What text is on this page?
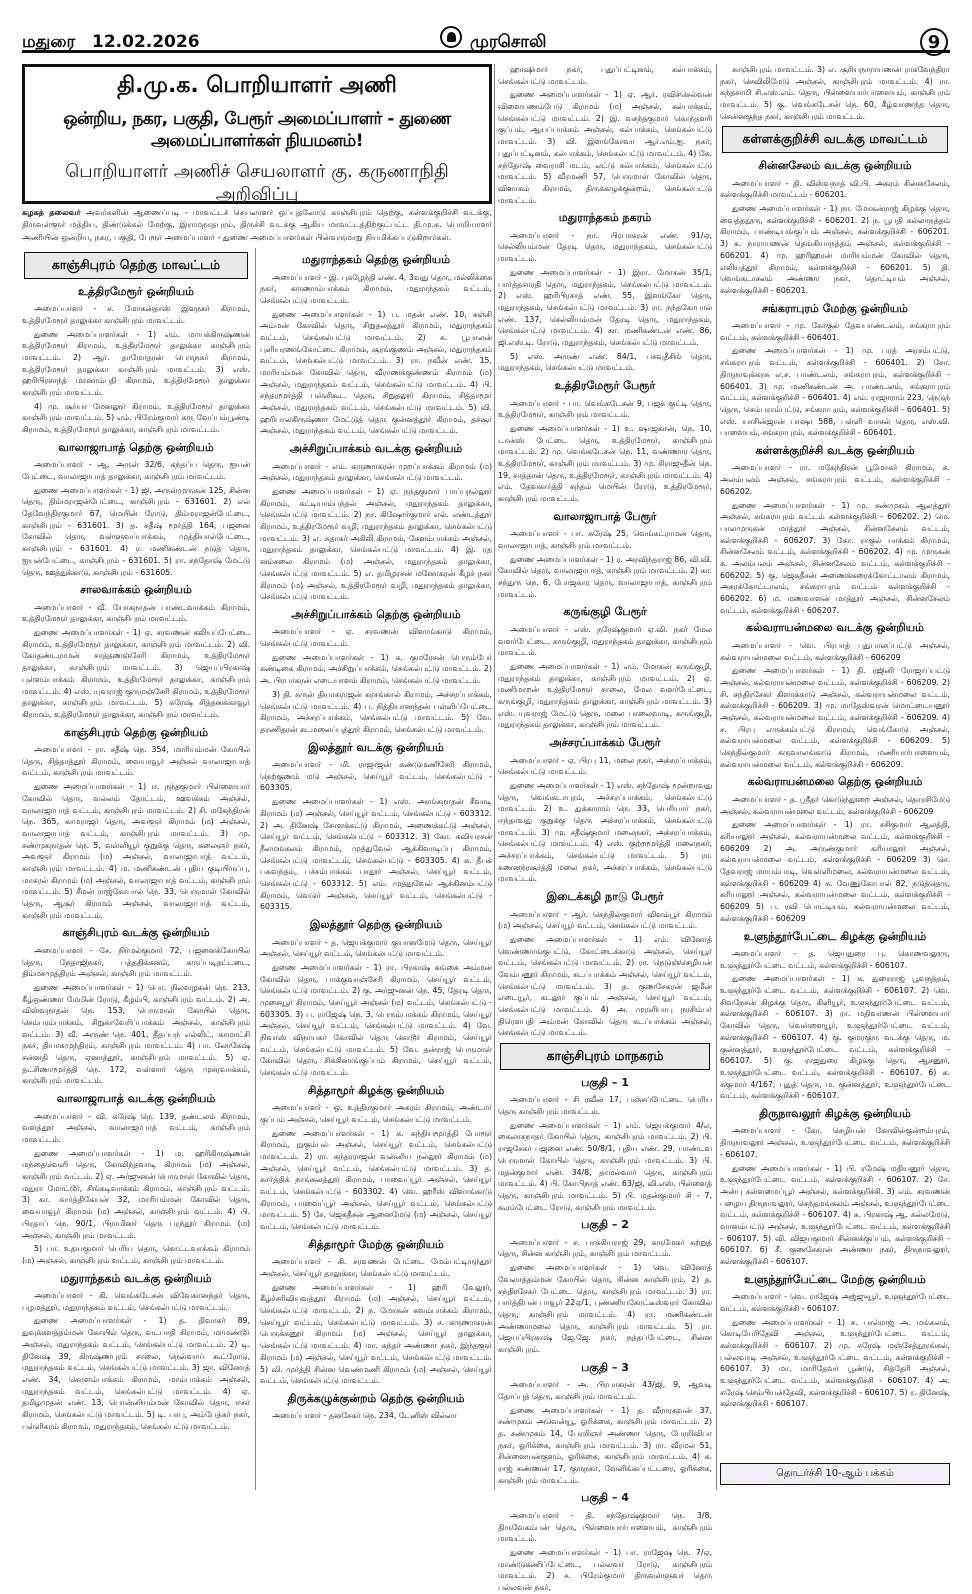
மதுரை 12.02.2026	முரசொலி	9
தி.மு.க. பொறியாளர் அணி
ஒன்றிய, நகர, பகுதி, பேரூர் அமைப்பாளர் - துணை அமைப்பாளர்கள் நியமனம்!
பொறியாளர் அணிச் செயலாளர் கு. கருணாநிதி அறிவிப்பு
கழகத் தலைவர் அவர்களின் ஆணைப்படி - மாவட்டச் செயலாளர் ஒப்புதலோடு காஞ்சிபுரம் தெற்கு, கள்ளக்குறிச்சி வடக்கு, திருவள்ளூர் மத்திய, திண்டுக்கல் மேற்கு, இராமநாதபுரம், திருச்சி வடக்கு ஆகிய மாவட்டத்திற்குட்பட்ட தி.மு.க. பொறியாளர் அணியின் ஒன்றிய, நகர, பகுதி, பேரூர் அமைப்பாளர் - துணை அமைப்பாளர்கள் பின்வருமாறு நியமிக்கப்படுகிறார்கள்.
காஞ்சிபுரம் தெற்கு மாவட்டம்
உத்திரமேரூர் ஒன்றியம்

அமைப்பாளர் - ச. மோகன்தாஸ் இளநகர் கிராமம், உத்திரமேரூர் தாலுக்கா காஞ்சிபுரம் மாவட்டம்.

துணை அமைப்பாளர்கள் - 1) எம். மாயக்கிருஷ்ணன் உத்திரமேரூர் கிராமம், உத்திரமேரூர் தாலுக்கா காஞ்சிபுரம் மாவட்டம். 2) ஆர். தாமோதரன் பெருநகர் கிராமம், உத்திரமேரூர் தாலுக்கா காஞ்சிபுரம் மாவட்டம். 3) எஸ். ஹரிபிரசாந்த் மானாம்பதி கிராமம், உத்திரமேரூர் தாலுக்கா காஞ்சிபுரம் மாவட்டம்.

4) மு. சூர்யா மேனலூர் கிராமம், உத்திரமேரூர் தாலுக்கா காஞ்சிபுரம் மாவட்டம். 5) எம். பிரேம்குமார் கரு வேப்பம்பூண்டி கிராமம், உத்திரமேரூர் தாலுக்கா, காஞ்சிபுரம் மாவட்டம்.

வாலாஜாபாத் தெற்கு ஒன்றியம்

அமைப்பாளர் - ஆ. அருள் 32/6, கந்தப்ப தெரு, ஐயன் பேட்டை, வாலாஜாபாத் தாலுக்கா, காஞ்சிபுரம் மாவட்டம்.

துணை அமைப்பாளர்கள் - 1) ஜி. அருள்முருகன் 125, சின்ன தெரு, திம்மராஜன்பேட்டை, காஞ்சிபுரம் - 631601. 2) எல் தேவேந்திரகுமார் 67, மெயின் ரோடு, திம்மராஜன்பேட்டை, காஞ்சிபுரம் - 631601. 3) த. சதீஷ் மூர்த்தி 164, பஜனை கோவில் தெரு, வள்ளுவப்பாக்கம், முத்தியால்பேட்டை, காஞ்சிபுரம் - 631601. 4) ர. மணிகண்டன் நடுத் தெரு, ஐயன்பேட்டை, காஞ்சிபுரம் - 631601. 5) ரா. சந்தோஷ் மேட்டு தெரு, ஊத்துக்காடு, காஞ்சிபுரம் - 631605.

சாலவாக்கம் ஒன்றியம்

அமைப்பாளர் - வீ. யோகநாதன் பாண்டவாக்கம் கிராமம், உத்திரமேரூர் தாலுக்கா, காஞ்சிபுரம் மாவட்டம்.

துணை அமைப்பாளர்கள் - 1) ஏ. சரவணன் கலியப்பேட்டை கிராமம், உத்திரமேரூர் தாலுக்கா, காஞ்சிபுரம் மாவட்டம். 2) வி. கோதண்டராமன் சாத்தணஞ்சேரி கிராமம், உத்திரமேரூர் தாலுக்கா, காஞ்சிபுரம் மாவட்டம். 3) ஜெயப்பிரகாஷ் புள்ளம்பாக்கம் கிராமம், உத்திரமேரூர் தாலுக்கா, காஞ்சிபுரம் மாவட்டம். 4) எஸ். யுவராஜ் குருமஞ்சேரி கிராமம், உத்திரமேரூர் தாலுக்கா, காஞ்சிபுரம் மாவட்டம். 5) சுரேஷ் சித்தனக்காவூர் கிராமம், உத்திரமேரூர் தாலுக்கா, காஞ்சிபுரம் மாவட்டம்.

காஞ்சிபுரம் தெற்கு ஒன்றியம்

அமைப்பாளர் - ரா. சதீஷ் நெ. 354, மாரியம்மன் கோயில் தெரு, சித்தாத்தூர் கிராமம், வையாவூர் அஞ்சல் வாலாஜாபாத் வட்டம், காஞ்சிபுரம் மாவட்டம்.

துணை அமைப்பாளர்கள் - 1) ஈ. நந்தகுமார் பிள்ளையார் கோவில் தெரு, வல்லம் தோட்டம், ஊவக்கம் அஞ்சல், வாலாஜாபாத் வட்டம், காஞ்சிபுரம் மாவட்டம். 2) சி. மகேந்திரன் நெ. 365, காமராஜர் தெரு, அவளூர் கிராமம் (ம) அஞ்சல், வாலாஜாபாத் வட்டம், காஞ்சிபுரம் மாவட்டம். 3) மு. சண்முகநாதன் நெ. 5, வள்ளியூர் குறுக்கு தெரு, கலைஞர் நகர், அவளூர் கிராமம் (ம) அஞ்சல், வாலாஜாபாத் வட்டம், காஞ்சிபுரம் மாவட்டம். 4) ம. மணிகண்டன் புதிய குடியிருப்பு, மாகரல் கிராமம் (ம) அஞ்சல், வாலாஜாபாத் வட்டம், காஞ்சிபுரம் மாவட்டம். 5) சீமன் ராஜ்கோபால் நெ. 33, பெருமாள் கோவில் தெரு, ஆசூர் கிராமம் அஞ்சல், வாலாஜாபாத் வட்டம், காஞ்சிபுரம் மாவட்டம்.

காஞ்சிபுரம் வடக்கு ஒன்றியம்

அமைப்பாளர் - சே. நிர்மல்குமார் 72, பஜனைக்கோயில் தெரு, நேதாஜிநகர், பத்ததிக்கனம், கருப்படிதட்டடை, திம்மசமுத்திரம் அஞ்சல், காஞ்சிபுரம் மாவட்டம்.

துணை அமைப்பாளர்கள் - 1) பொ. நிலவழகன் நெ. 213, கீழ்ஒண்ணா மேமின் ரோடு, கீழம்பி, காஞ்சிபுரம் வட்டம். 2) அ. விஸ்வநாதன் நெ. 153, பெருமாள் கோயில் தெரு, செம்பரம்பாக்கம், சிறுகாவேரிப்பாக்கம் அஞ்சல், காஞ்சிபுரம் வட்டம். 3) வீ. அருண் நெ. 401, தீதப்பந் எல்லிட், காமாட்சி நகர், தியாகமுந்திரம், காஞ்சிபுரம் மாவட்டம். 4) பா. லோகேஷ் சன்னதி தெரு, ஏனாத்தூர், காஞ்சிபுரம் மாவட்டம். 5) ஏ. தட்சிணாமூர்த்தி நெ. 172, வள்ளார் தெரு முசரவாக்கம், காஞ்சிபுரம் மாவட்டம்.

வாலாஜாபாத் வடக்கு ஒன்றியம்

அமைப்பாளர் - வி. சுரேஷ் நெ. 139, தண்டலம் கிராமம், வளத்தூர் அஞ்சல், வாலாஜாபாத் வட்டம், காஞ்சிபுரம் மாவட்டம்.

துணை அமைப்பாளர்கள் - 1) ம. ஹரிகிருஷ்ணன் மந்தைவெளி தெரு, கோவிந்தவாடி கிராமம் (ம) அஞ்சல், காஞ்சிபுரம் வட்டம். 2) ஏ. அர்ஜுனன் பெருமாள் கோவில் தெரு, மதுரா மோட்டூர், சிங்கடிவாக்கம் கிராமம், காஞ்சிபுரம் வட்டம். 3) கா. கார்த்திகேயன் 32, மாரியம்மன் கோவில் தெரு, வையாவூர் கிராமம் (ம) அஞ்சல், காஞ்சிபுரம் வட்டம். 4) பி. பிரதாப் நெ. 90/1, பிராமினர் தெரு பரந்தூர் கிராமம் (ம) அஞ்சல், காஞ்சிபுரம் மாவட்டம்.

5) பா. உதயகுமார் பெரிய தெரு, கொட்டவாக்கம் கிராமம் (ம) அஞ்சல், காஞ்சிபுரம் வட்டம், காஞ்சிபுரம் மாவட்டம்.

மதுராந்தகம் வடக்கு ஒன்றியம்

அமைப்பாளர் - கி. வெங்கடேசன் விவேகானந்தர் தெரு, பழமத்தூர், மதுராந்தகம் வட்டம், செங்கல்பட்டு மாவட்டம்.

துணை அமைப்பாளர்கள் - 1) த. திவாகர் 89, துவுக்களத்தம்மன் கோயில் தெரு, வடபாதி கிராமம், மாமண்டூர் அஞ்சல், மதுராந்தகம் வட்டம், செங்கல்பட்டு மாவட்டம். 2) டி. தினேஷ் 39, கிருஷ்ணபுரம் சாலை, நெல்வாய் கூட்ரோடு, மதுராந்தகம் வட்டம், செங்கல்பட்டு மாவட்டம். 3) ஜா. வினோத் எண். 34, கொளம்பாக்கம் கிராமம், மாம்பாக்கம் அஞ்சல், மதுராந்தகம் வட்டம், செங்கல்பட்டு மாவட்டம். 4) ஏ. தமிழ்முதன் எண். 13, பொன்னியம்மன் கோவில் தெரு, ஈசுர் கிராமம், செங்கல்பட்டு மாவட்டம். 5) டி. பாபு, அம்பேத்கர் நகர், பள்ளிகரம் கிராமம், மதுராந்தகம், செங்கல்பட்டு மாவட்டம்.

மதுராந்தகம் தெற்கு ஒன்றியம்

அமைப்பாளர் - இ. புகழேந்தி எண். 4, 3வது தெரு, மல்லிக்கை நகர், கருணாம்பாக்கம் கிராமம், மதுராந்தகம் வட்டம், செங்கல்பட்டு மாவட்டம்.

துணை அமைப்பாளர்கள் - 1) ப. மதன் எண். 10, கஞ்சி அம்மன் கோவில் தெரு, சிறுதலத்தூர் கிராமம், மதுராந்தகம் வட்டம், செங்கல்பட்டு மாவட்டம். 2) க. பூபாலன் புளியரணங்கோட்டை கிராமம், சூரங்குணம் அஞ்சல், மதுராந்தகம் வட்டம், செங்கல்பட்டு மாவட்டம். 3) ரா. நவீன் எண். 15, மாரியம்மன் கோவில் தெரு, வீராணக்குண்ணம் கிராமம் (ம) அஞ்சல், மதுராந்தகம் வட்டம், செங்கல்பட்டு மாவட்டம். 4) பி. சந்தரமூர்த்தி பள்ளிகூட தெரு, சிறுதலூர் கிராமம், சித்தாமூர் அஞ்சல், மதுராந்தகம் வட்டம், செங்கல்பட்டு மாவட்டம். 5) வி. ஹரிபாலகிருஷ்ணா மேட்டுத் தெரு குன்னத்தூர் கிராமம், தச்சூர் அஞ்சல், மதுராந்தகம் வட்டம், செங்கல்பட்டு மாவட்டம்.

அச்சிறுப்பாக்கம் வடக்கு ஒன்றியம்

அமைப்பாளர் - எம். கருணாகரன் முறப்பாக்கம் கிராமம் (ம) அஞ்சல், மதுராந்தகம் தாலுக்கா, செங்கல்பட்டு மாவட்டம்.

துணை அமைப்பாளர்கள் - 1) ஏ. நந்தகுமார் பாப்பநல்லூர் கிராமம், கட்டியாம்பந்தல் அஞ்சல், மதுராந்தகம் தாலுக்கா, செங்கல்பட்டு மாவட்டம். 2) நா. கிஷோர்குமார் எல். எண்டத்தூர் கிராமம், உத்திரமேரூர் வழி, மதுராந்தகம் தாலுக்கா, செங்கல்பட்டு மாவட்டம். 3) எ. சுதாகர் அகிலி கிராமம், கேளம்பாக்கம் அஞ்சல், மதுராந்தகம் தாலுக்கா, செங்கல்பட்டு மாவட்டம். 4) இ. ரத னம்சலை கிராமம் (ம) அஞ்சல், மதுராந்தகம் தாலுக்கா, செங்கல்பட்டு மாவட்டம். 5) எ. தமிழரசன் மனோகரன் கீழச் நகர் கிராமம் (ம) அஞ்சல், உத்திரமேரூர் வழி, மதுராந்தகம் தாலுக்கா, செங்கல்பட்டு மாவட்டம்.

அச்சிறுப்பாக்கம் தெற்கு ஒன்றியம்

அமைப்பாளர் - ஏ. சரவணன் விளாங்காடு கிராமம், செங்கல்பட்டு மாவட்டம்.

துணை அமைப்பாளர்கள் - 1) க. குமரேசன் பெரும்பேர் கண்டிகை கிராமம், அச்சிறுப்பாக்கம், செங்கல்பட்டு மாவட்டம். 2) அ. பிரபாகரன் எடையாளம் கிராமம், செங்கல்பட்டு மாவட்டம்.

3) தி. சுருள் தியாகராஜன் கரசங்கால் கிராமம், அச்சரப்பாக்கம், செங்கல்பட்டு மாவட்டம். 4) ப. நித்தியானந்தன் பள்ளிப்பேட்டை கிராமம், அச்சரப்பாக்கம், செங்கல்பட்டு மாவட்டம். 5) வே. தரணிதரன் கடமலைப்புத்தூர் கிராமம், செங்கல்பட்டு மாவட்டம்.

இலத்தூர் வடக்கு ஒன்றியம்

அமைப்பாளர் - மி. ராஜாஜன் கண்டுமணிசேரி கிராமம், நெற்குணம் மடு அஞ்சல், செய்யூர் வட்டம், செங்கல்பட்டு - 603305.

துணை அமைப்பாளர்கள் - 1) எஸ். அரங்கநாதன் சீவாடி கிராமம் (ம) அஞ்சல், செய்யூர் வட்டம், செங்கல்பட்டு - 603312. 2) அ. தினேஷ் சோளக்கட்டு கிராமம், அணைக்கட்டு அஞ்சல், செய்யூர் வட்டம், செங்கல்பட்டு - 603312. 3) கோ. சுவியரசன் நீலமங்கலம் கிராமம், முத்துவேல் ஆக்கிவாடிப்பு கிராமம், செங்கல்பட்டு மாவட்டம், செங்கல்பட்டு - 603305. 4) க. தீபக் பசுவந்தம், பச்சம்பாக்கம் பாதூர் அஞ்சல், செய்யூர் வட்டம், செங்கல்பட்டு - 603312. 5) எம். முத்துவேல் ஆக்கினம்பட்டு கிராமம், வெடுர் அஞ்சல், செய்யூர் வட்டம், செங்கல்பட்டு - 603315.

இலத்தூர் தெற்கு ஒன்றியம்

அமைப்பாளர் - த. ஜெயக்குமார் குயானமேடு தெரு, செய்யூர் அஞ்சல், செய்யூர் வட்டம், செங்கல்பட்டு மாவட்டம்.

துணை அமைப்பாளர்கள் - 1) ரா. பிரகாஷ் கங்கை அம்மன் கோவில் தெரு, பாக்குவாஞ்சேரி கிராமம், செய்யூர் வட்டம், செங்கல்பட்டு மாவட்டம். 2) கு. அர்ஜுனன் நெ. 45, தேரடி தெரு, முகையூர் கிராமம், செய்யூர் அஞ்சல் (ம) வட்டம், செங்கல்பட்டு - 603305. 3) ப. ராஜேஷ் நெ. 3, பெரும்பாக்கம் கிராமம், செய்யூர் அஞ்சல், செய்யூர் வட்டம், செங்கல்பட்டு மாவட்டம். 4) வே. நிவாஸ் விநாயகர் கோவில் தெரு கொடூர் கிராமம், செய்யூர் வட்டம், செங்கல்பட்டு மாவட்டம். 5) வே. தன்ராஜ் பெருமாள் கோவில் தெரு, சிக்கினாங்குப்பம் கிராமம், செய்யூர் வட்டம், செங்கல்பட்டு மாவட்டம்.

சித்தாமூர் கிழக்கு ஒன்றியம்

அமைப்பாளர் - ஒ. உத்திரகுமார் அகரம் கிராமம், அண்டார் குப்பம் அஞ்சல், செய்யூர் வட்டம், செங்கல்பட்டு மாவட்டம்.

துணை அமைப்பாளர்கள் - 1) சு. சுந்தியமூர்த்தி போரூர் கிராமம், நுகும்பல் அஞ்சல், செய்யூர் வட்டம், செங்கல்பட்டு மாவட்டம். 2) ரா. சுந்தரராஜன் வன்னிய நல்லூர் கிராமம் (ம) அஞ்சல், செய்யூர் வட்டம், செங்கல்பட்டு மாவட்டம். 3) த. கார்த்திக் நாங்கலத்தூர் கிராமம், பாவைப்பூர் அஞ்சல், செய்யூர் வட்டம், செங்கல்பட்டு - 603302. 4) வெ. ஹரீஸ் விளாங்காடு கிராமம், பாவைப்பூர் அஞ்சல், செய்யூர் வட்டம், செங்கல்பட்டு மாவட்டம். 5) சே. ஜெகதீசன் ஆனைமேடு (ம) அஞ்சல், செய்யூர் வட்டம், செங்கல்பட்டு மாவட்டம்.

சித்தாமூர் மேற்கு ஒன்றியம்

அமைப்பாளர் - கி. சரவணன் பேட்டை மேம்பட்டிருந்தூர் அஞ்சல், செய்யூர் தாலுக்கா, செங்கல்பட்டு மாவட்டம்.

துணை அமைப்பாளர்கள் - 1) ஹரி வேலூர், கீழ்ச்சரிவியவத்தூர் கிராமம் (ம) அஞ்சல், செய்யூர் வட்டம், செங்கல்பட்டு மாவட்டம். 2) ந. மோகன் கவம்பாக்கம் கிராமம், செய்யூர் வட்டம், செங்கல்பட்டு மாவட்டம். 3) ச. கருணாகரன் பெருக்கனூர் கிராமம் (ம) அஞ்சல், செய்யூர் தாலுக்கா, செங்கல்பட்டு மாவட்டம். 4) மா. சுந்தர் அண்ணா நகர், இந்தளூர் கிராமம் (ம) அஞ்சல், செய்யூர் வட்டம், செங்கல்பட்டு மாவட்டம். 5) வி. முர்த்தி சின்ன வெண்மணி கிராமம் (ம) அஞ்சல், செய்யூர் வட்டம், செங்கல்பட்டு மாவட்டம்.

திருக்கழுக்குன்றம் தெற்கு ஒன்றியம்

அமைப்பாளர் - தனசேகர் நெ. 234, டேனிஸ் வில்லா

ஹாஷிமார் நகர், புதுப்பட்டினம், கல்பாக்கம், செங்கல்பட்டு மாவட்டம்.

துணை அமைப்பாளர்கள் - 1) ஏ. ஆர். ரவிச்செல்வன் விளையணம்பேடு கிராமம் (ம) அஞ்சல், கல்பாக்கம், செங்கல்பட்டு மாவட்டம். 2) இ. வசந்தகுமார் கொந்தளரி குப்பம், ஆயப்பாக்கம் அஞ்சல், கல்பாக்கம், செங்கல்பட்டு மாவட்டம். 3) வி. இளங்கோவா ஆர்.எம்.ஐ. நகர், புதுப்பட்டினம், கல்பாக்கம், செங்கல்பட்டு மாவட்டம். 4) கே. சந்தோஷ் வைராசி மடம், லட்டு கல்பாக்கம், செங்கல்பட்டு மாவட்டம். 5) வீரமணி 57, பெருமாள் கோவில் தெரு, விளாகம் கிராமம், திருக்கழுக்குன்றம், செங்கல்பட்டு மாவட்டம்.

மதுராந்தகம் நகரம்

அமைப்பாளர் - நா. பிரபாகரன் எண். 91/ஏ, செல்லியம்மன் தேரடி தெரு, மதுராந்தகம், செங்கல்பட்டு மாவட்டம்.

துணை அமைப்பாளர்கள் - 1) இரா. மோகன் 35/1, பார்த்தசாரதி தெரு, மதுராந்தகம், செங்கல்பட்டு மாவட்டம். 2) எஸ். ஹரிபிரசாத் எண். 55, இளங்கோ தெரு, மதுராந்தகம், செங்கல்பட்டு மாவட்டம். 3) ரா. நந்தகோபால் எண். 137, செல்லியம்மன் தேரடி தெரு, மதுராந்தகம், செங்கல்பட்டு மாவட்டம். 4) கா. மணிகண்டன் எண். 86, ஜி.எஸ்.டி. ரோடு, மதுராந்தகம், செங்கல்பட்டு மாவட்டம்.

5) எஸ். அருண் எண். 84/1, பசவுதீசிங் தெரு, மதுராந்தகம், செங்கல்பட்டு மாவட்டம்.

உத்திரமேரூர் பேரூர்

அமைப்பாளர் - பா. வெங்கடேசன் 9, பஜக் குட்டி தெரு, உத்திரமேரூர், காஞ்சிபுரம் மாவட்டம்.

துணை அமைப்பாளர்கள் - 1) உ. ஷாஜகான், நெ. 10, டான்ஸ் பேட்டை தெரு, உத்திரமேரூர், காஞ்சிபுரம் மாவட்டம். 2) மு. வெங்கடேசன் நெ. 11, வண்ணார தெரு, உத்திரமேரூர், காஞ்சிபுரம் மாவட்டம். 3) மு. சிராஜுதீன் நெ. 19, சாத்தான் தெரு, உத்திரமேரூர், காஞ்சிபுரம் மாவட்டம். 4) எம். தேவகார்த்தி சுந்தம் மெயின் ரோடு, உத்திரமேரூர், காஞ்சிபுரம் மாவட்டம்.

வாலாஜாபாத் பேரூர்

அமைப்பாளர் - பா. சுரேஷ் 25, வெங்கட்ராமன் தெரு, வாலாஜாபாத், காஞ்சிபுரம் மாவட்டம்.

துணை அமைப்பாளர்கள் - 1) ர. அரவிந்தராஜ் 86, வி.வி. கோவில் தெரு, வாலாஜாபாத், காஞ்சிபுரம் மாவட்டம். 2) கா. சந்துரு நெ. 6, போஜகார தெரு, வாலாஜாபாத், காஞ்சிபுரம் மாவட்டம்.

கருங்குழி பேரூர்

அமைப்பாளர் - எஸ். நரேஷ்குமார் ஏ.வி. நகர் மேல வளர்பேட்டை, கருங்குழி, மதுராந்தகம் தாலுக்கா, காஞ்சிபுரம் மாவட்டம்.

துணை அமைப்பாளர்கள் - 1) எம். மோகன் கருங்குழி, மதுராந்தகம் தாலுக்கா, காஞ்சிபுரம் மாவட்டம். 2) ஏ. மணிமாறன் உத்திரமேரூர் சாலை, மேல வளர்பேட்டை, கருங்குழி, மதுராந்தகம் தாலுக்கா, காஞ்சிபுரம் மாவட்டம். 3) எஸ். யுவராஜ் மேட்டு தெரு, மலை பாலைவாடி, கருங்குழி, மதுராந்தகம் தாலுக்கா, காஞ்சிபுரம் மாவட்டம்.

அச்சரப்பாக்கம் பேரூர்

அமைப்பாளர் - ஏ. பிரபு 11, மலை நகர், அச்சரப்பாக்கம், செங்கல்பட்டு மாவட்டம்.

துணை அமைப்பாளர்கள் - 1) எஸ். சந்தோஷ் மூன்றாவது தெரு, வெங்கடாபுரம், அச்சரப்பாக்கம், செங்கல்பட்டு மாவட்டம். 2) உ. துக்காராம் நெ. 33, பெரியார் நகர், ஈந்தாவது குறுக்கு தெரு அச்சரப்பாக்கம், செங்கல்பட்டு மாவட்டம். 3) மு. சதீஷ்குமார் மலைநகர், அச்சரப்பாக்கம், செங்கல்பட்டு மாவட்டம். 4) எஸ். குற்றமூர்த்தி மலைநகர், அச்சரப்பாக்கம், செங்கல்பட்டு மாவட்டம். 5) ரா. கணனந்ரசூர்த்தி மலை நகர், அச்சரப்பாக்கம், செங்கல்பட்டு மாவட்டம்.

இடைக்கழி நாடு பேரூர்

அமைப்பாளர் - ஆர். செந்தில்குமார் விளம்பூர் கிராமம் (ம) அஞ்சல், செய்யூர் வட்டம், செங்கல்பட்டு மாவட்டம்.

துணை அமைப்பாளர்கள் - 1) எம். வினோத் வெண்ணாங்குபட்டு, கோட்டைக்காடு அஞ்சல், செய்யூர் வட்டம், செங்கல்பட்டு மாவட்டம். 2) ரா. நெடுஞ்செழியன் வேம்பனூர் கிராமம், கடப்பாக்கம் அஞ்சல், செய்யூர் வட்டம், செங்கல்பட்டு மாவட்டம். 3) த. குணசேகரன் ஜமீன் எடையூர், கடலூர் குப்பம் அஞ்சல், செய்யூர் வட்டம், செங்கல்பட்டு மாவட்டம். 4) அ. முரளிபாபு நரசிம்பர் திரௌபதி அம்மன் கோவில் தெரு கடப்பாக்கம் அஞ்சல், செங்கல்பட்டு மாவட்டம்.

காஞ்சிபுரம் மாநகரம்
பகுதி – 1

அமைப்பாளர் - சி ரவீன் 17, பஞ்சப்பேட்டை பெரிய தெரு காஞ்சிபுரம் மாவட்டம்.

துணை அமைப்பாளர்கள் - 1) எம். ஜெயக்குமார் 4/எ, கைலாசநாதர் கோயில் தெரு, காஞ்சிபுரம் மாவட்டம். 2) பி. ராஜசேகர் பஜனை எண். 50/8/1, புதிய எண். 29, பாண்டவ பெருமாள் கோயில் தெரு, காஞ்சிபுரம் மாவட்டம். 3) பி. மதன்குமார் எண். 34/8, தாமல்வார் தெரு, காஞ்சிபுரம் மாவட்டம். 4) பி. கோபிநாத் எண். 63/ஜி, வி.எஸ். பிள்ளைத் தெரு, காஞ்சிபுரம் மாவட்டம். 5) பி. மதன்குமார் சி - 7, கூரம்பேட்டை ரோடு, காஞ்சிபுரம் மாவட்டம்.

பகுதி – 2

அமைப்பாளர் - ச. பாக்கியராஜ் 29, கருமேகர் சுற்றுத் தெரு, சின்ன காஞ்சிபுரம், காஞ்சிபுரம் மாவட்டம்.

துணை அமைப்பாளர்கள் - 1) வெ. வினோத் வேலாத்தம்மன் கோயில் தெரு, சின்ன காஞ்சிபுரம். 2) த. சந்திரசேகர் பேட்டை தெரு, காஞ்சிபுரம் மாவட்டம். 3) ரா. பார்த்திபன் பாவூர் 22ஏ/1, புண்ணியகோட்டீஸ்வரர் கோவில் தெரு, காஞ்சிபுரம் மாவட்டம். 4) ரா. மணிகண்டன் அண்ணாமலை தெரு, காஞ்சிபுரம் மாவட்டம். 5) ரா. ஜெயப்பிரகாஷ் ஜே.ஜே. நகர், நத்தப்பேட்டை, சின்ன காஞ்சிபுரம்.

பகுதி – 3

அமைப்பாளர் - அ. பிரபாகரன் 43/ஜி, 9, ஆவடி தோப்புத் தெரு, காஞ்சிபுரம் மாவட்டம்.

துணை அமைப்பாளர்கள் - 1) த. வீராரகவன் 37, சண்முகம் அவென்யூ, ஓரிக்கை, காஞ்சிபுரம் மாவட்டம். 2) த. சண்முகம் 14, பேரறிஞர் அண்ணா தெரு, பேரறிவிபா நகர், ஓரிக்கை, காஞ்சிபுரம் மாவட்டம். 3) ரா. வீரமல் 51, சின்னையன்குளம், ஓரிக்கை, காஞ்சிபுரம் மாவட்டம். 4) க. ராஜ் கண்ணன் 17, குருநகர், வேளிங்கப்பட்டரை, ஓரிக்கை, காஞ்சிபுரம் மாவட்டம்.

பகுதி – 4

அமைப்பாளர் - தி. சந்தோஷ்குமார் நெ. 3/8, திருவேகம்பன் தெரு, பிள்ளையார்பாளையம், காஞ்சிபுரம் மாவட்டம்.

துணை அமைப்பாளர்கள் - 1) பா. ராஜேஷ் நெ. 7/ஏ, மாண்டுகணிப்பேட்டை, பல்லவர் ரோடு, காஞ்சிபுரம் மாவட்டம். 2) ச. பிரேம்குமார் திருவள்ளுவர் தெரு பல்லவன் நகர்,

காஞ்சிபுரம் மாவட்டம். 3) எ. சூரியநாராயணன் ராகவேந்திரா நகர், செவிலிமேடு அஞ்சல், காஞ்சிபுரம் மாவட்டம். 4) ரா. கந்தசாமி சி.எஸ்.எம். தெரு, பிள்ளையார்பாளையம், காஞ்சிபுரம் மாவட்டம். 5) கு. வெங்கடேசன் நெ. 60, கீழ்வாணந்த தெரு, சென்னகுந்த நகர், காஞ்சிபுரம் மாவட்டம்.

கள்ளக்குறிச்சி வடக்கு மாவட்டம்
சின்னசேலம் வடக்கு ஒன்றியம்

அமைப்பாளர் - தி. விஸ்வநாத் வி.பி. அகரம் சின்னசேலம், கள்ளக்குறிச்சி மாவட்டம் - 606201.

துணை அமைப்பாளர்கள் - 1) நா. மோகன்ராஜ் கிழக்கு தெரு, வைத்தநூரு, கள்ளக்குறிச்சி - 606201. 2) ந. பூபதி கல்லாநத்தம் கிராமம், பாண்டியங்குப்பம் அஞ்சல், கள்ளக்குறிச்சி - 606201. 3) க. நாராயணன் தெங்கியாநத்தம் அஞ்சல், கள்ளக்குறிச்சி - 606201. 4) மு. ஹரிஹரன் மாரியம்மன் கோவில் தெரு, எலியத்தூர் கிராமம், கள்ளக்குறிச்சி - 606201. 5) தி. வெங்கடாசலம் அண்ணா நகர், தொட்டியம் அஞ்சல், கள்ளக்குறிச்சி - 606201.

சங்கராபுரம் மேற்கு ஒன்றியம்

அமைப்பாளர் - மு. கோகுல் தேவபாண்டலம், சங்கராபுரம் வட்டம், கள்ளக்குறிச்சி - 606401.

துணை அமைப்பாளர்கள் - 1) மு. பரத் அரசம்பட்டு, சங்கராபுரம் வட்டம், கள்ளக்குறிச்சி - 606401. 2) சோ. திருநாவுக்கரசு எ.ச. பாண்டலம், சங்கராபுரம், கள்ளக்குறிச்சி - 606401. 3) மு. மணிகண்டன் அ. பாண்டலம், சங்கராபுரம் வட்டம், கள்ளக்குறிச்சி - 606401. 4) எம். ராஜாராம் 223, நெடுந் தெரு, செம்பராம்பட்டு, சங்கராபுரம், கள்ளக்குறிச்சி - 606401. 5) எஸ். யாசின்ஜான் பாஷா 588, பள்ளி வாசல் தெரு, எஸ்.வி. பாளையம், சங்கராபுரம், கள்ளக்குறிச்சி - 606401.

கள்ளக்குறிச்சி வடக்கு ஒன்றியம்

அமைப்பாளர் - ரா. மகேந்திரன் பூமோகர் கிராமம், க. அலம்பலம் அஞ்சல், சங்கராபுரம் வட்டம், கள்ளக்குறிச்சி - 606202.

துணை அமைப்பாளர்கள் - 1) மு. சண்முகம் ஆலத்தூர் அஞ்சல், சங்கராபுரம் வட்டம் கள்ளக்குறிச்சி - 606202. 2) மெ. பாலமுருகன் மாத்தூர் அஞ்சல், சின்னசேலம் வட்டம், கள்ளக்குறிச்சி - 606207. 3) கோ. ராகுல் பாக்கம் கிராமம், சின்னசேலம் வட்டம், கள்ளக்குறிச்சி - 606202. 4) மு. முருகன் க. அலம்பலம் அஞ்சல், சின்னசேலம் வட்டம், கள்ளக்குறிச்சி - 606202. 5) கு. ஜெகதீசன் அணைக்கரைக்கோட்டாலம் கிராமம், அகரக்கோட்டாலம், சங்கராபுரம் வட்டம் கள்ளக்குறிச்சி - 606202. 6) ம. மணவாளன் மாத்தூர் அஞ்சல், சின்னசேலம் வட்டம், கள்ளக்குறிச்சி - 606207.

கல்வராயன்மலை வடக்கு ஒன்றியம்

அமைப்பாளர் - வெ. பிரபாத் புதுபாலப்பட்டு அஞ்சல், கல்வராயன்மலை வட்டம், கள்ளக்குறிச்சி - 606209

துணை அமைப்பாளர்கள் - 1) தி. ரஜினி ரோஜாப்பட்டு அஞ்சல், கல்வராயன்மலை வட்டம், கள்ளக்குறிச்சி - 606209. 2) சி. சந்திரசேகர் கிளாக்காடு அஞ்சல், கல்வராயன்மலை வட்டம், கள்ளக்குறிச்சி - 606209. 3) மு. மாதேஸ்வரன் மொட்டையனூர் அஞ்சல், கல்வராயன்மலை வட்டம், கள்ளக்குறிச்சி - 606209. 4) ச. பிரபு எருக்கம்பட்டு கிராமம், வெங்கோடு அஞ்சல், கல்வராயன்மலை வட்டம், கள்ளக்குறிச்சி - 606209. 5) செந்தில்குமார் கருவாலங்காடு கிராமம், மணியார்பாளையம், கல்வராயன்மலை வட்டம், கள்ளக்குறிச்சி - 606209.

கல்வராயன்மலை தெற்கு ஒன்றியம்

அமைப்பாளர் - த. ஸ்ரீதர் கொடுந்தூறை அஞ்சல், தொரசிமேடு அஞ்சல், கல்வராயன்மலை வட்டம், கள்ளக்குறிச்சி - 606209

துணை அமைப்பாளர்கள் - 1) ரா. சசிகுமார் ஆலத்தி, கரியாலூர் அஞ்சல், கல்வராயன்மலை வட்டம், கள்ளக்குறிச்சி - 606209 2) அ. அருண்குமார் கரியாலூர் அஞ்சல், கல்வராயன்மலை வட்டம், கள்ளக்குறிச்சி - 606209 3) செ. தேவராஜ் மாயம்பாடி, வெள்ளிமலை, கல்வராயன்மலை வட்டம், கள்ளக்குறிச்சி - 606209 4) சு. வேணுகோபால் 82, நடுத்தெரு, கரியாலூர் அஞ்சல், கல்வராயன்மலை வட்டம், கள்ளக்குறிச்சி - 606209 5) ப. ரவி பொட்டியம், கல்வராயன்மலை வட்டம், கள்ளக்குறிச்சி - 606209

உளுந்தூர்பேட்டை கிழக்கு ஒன்றியம்

அமைப்பாளர் - த. ஜெயதுரை பு. கொணவலூரு, உளுந்தூர்பேட்டை வட்டம், கள்ளக்குறிச்சி - 606107.

துணை அமைப்பாளர்கள் - 1) க. துரைராஜ் பூவநத்தம், உளுந்தூர்பேட்டை வட்டம், கள்ளக்குறிச்சி - 606107. 2) வெ. சிவநேசன் கிழக்கு தெரு, கிளியூர், உளுந்தூர்பேட்டை வட்டம், கள்ளக்குறிச்சி - 606107. 3) ரா. மதிவாணன் பிள்ளையார் கோவில் தெரு, வெள்ளையூர், உளுந்தூர்பேட்டை வட்டம், கள்ளக்குறிச்சி - 606107. 4) கு. குமரகுரு வடக்கு தெரு, ம. குன்னத்தூர், உளுந்தூர்பேட்டை வட்டம், கள்ளக்குறிச்சி - 606107. 5) கு. ராஜதுரை கிழக்கு தெரு, ஆசனூர், உளுந்தூர்பேட்டை வட்டம், கள்ளக்குறிச்சி - 606107. 6) க. சுகுமார் 4/167, புதுத் தெரு, ம. குன்னத்தூர், உளுந்தூர்பேட்டை வட்டம், கள்ளக்குறிச்சி - 606107.

திருநாவலூர் கிழக்கு ஒன்றியம்

அமைப்பாளர் - கோ. செழியன் கோவில்குன்றம்புரம், திருநாவலூர் அஞ்சல், உளுந்தூர்பேட்டை வட்டம், கள்ளக்குறிச்சி - 606107.

துணை அமைப்பாளர்கள் - 1) பி. ரமேஷ் மதியனூர் தெரு, உளுந்தூர்பேட்டை வட்டம், கள்ளக்குறிச்சி - 606107. 2) சே. அன்பு கள்ளமைப்பூர் அஞ்சல், கள்ளக்குறிச்சி. 3) எம். சரவணன் பழைய திருநாவலூர், செந்தமங்கலம் அஞ்சல், உளுந்தூர்பேட்டை வட்டம், கள்ளக்குறிச்சி - 606107. 4) சு. பிரகாஷ் ஆ. கல்லமேடு, வானம்பட்டு அஞ்சல், உளுந்தூர்பேட்டை வட்டம், கள்ளக்குறிச்சி - 606107. 5) வி. விஜயகுமார் சின்னக்குப்பம், கள்ளக்குறிச்சி - 606107. 6) சீ. குணசேகரன் அண்ணா நகர், திருநாவலூர், கள்ளக்குறிச்சி - 606107.

உளுந்தூர்பேட்டை மேற்கு ஒன்றியம்

அமைப்பாளர் - வெ. ராஜேஷ் அஜ்ஜுயூர், உளுந்தூர்பேட்டை வட்டம், கள்ளக்குறிச்சி - 606107.

துணை அமைப்பாளர்கள் - 1) ச. பால்ராஜ் அ. மங்கலம், கொடியேரிதேவி அஞ்சல், உளுந்தூர்பேட்டை வட்டம், கள்ளக்குறிச்சி - 606107. 2) மு. சுரேஷ் மஞ்சேத்நூரங்கல், பல்லவாடி அஞ்சல், உளுந்தூர்பேட்டை வட்டம், கள்ளக்குறிச்சி - 606107. 3) மா. மாரிதேவர் பூண்டு, சித்தேரி அஞ்சல், உளுந்தூர்பேட்டை வட்டம், கள்ளக்குறிச்சி - 606107. 4) அ. சுரேஷ் செம்பியன்தேவி, கள்ளக்குறிச்சி - 606107. 5) ர. தினேஷ், கள்ளக்குறிச்சி - 606107.

தொடர்ச்சி 10-ஆம் பக்கம்
